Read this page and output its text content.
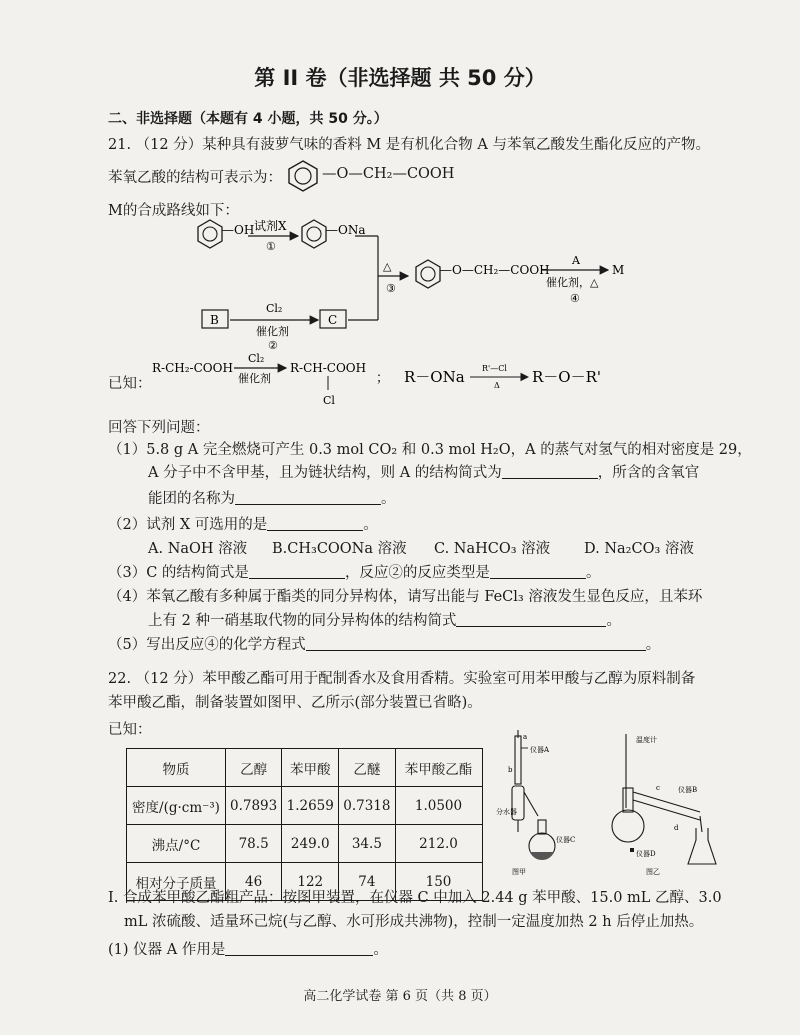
第 II 卷（非选择题 共 50 分）
二、非选择题（本题有 4 小题，共 50 分。）
21. （12 分）某种具有菠萝气味的香料 M 是有机化合物 A 与苯氧乙酸发生酯化反应的产物。
苯氧乙酸的结构可表示为：	—O—CH₂—COOH
M的合成路线如下：
—OH 试剂X
①
—ONa
△
③
B
Cl₂
催化剂
②
C
—O—CH₂—COOH
A
催化剂，△
④
M
已知：
R-CH₂-COOH
Cl₂
催化剂
R-CH-COOH
Cl
； R－ONa R'—Cl
Δ R－O－R'
回答下列问题：
（1）5.8 g A 完全燃烧可产生 0.3 mol CO₂ 和 0.3 mol H₂O，A 的蒸气对氢气的相对密度是 29，
A 分子中不含甲基，且为链状结构，则 A 的结构简式为	，所含的含氧官
能团的名称为	。
（2）试剂 X 可选用的是	。
A. NaOH 溶液 B.CH₃COONa 溶液 C. NaHCO₃ 溶液 D. Na₂CO₃ 溶液
（3）C 的结构简式是	，反应②的反应类型是	。
（4）苯氧乙酸有多种属于酯类的同分异构体，请写出能与 FeCl₃ 溶液发生显色反应，且苯环
上有 2 种一硝基取代物的同分异构体的结构简式	。
（5）写出反应④的化学方程式	。
22. （12 分）苯甲酸乙酯可用于配制香水及食用香精。实验室可用苯甲酸与乙醇为原料制备
苯甲酸乙酯，制备装置如图甲、乙所示(部分装置已省略)。
已知：
物质	乙醇	苯甲酸	乙醚	苯甲酸乙酯
密度/(g·cm⁻³)	0.7893	1.2659	0.7318	1.0500
沸点/°C	78.5	249.0	34.5	212.0
相对分子质量	46	122	74	150
a
b
仪器A
分水器
仪器C
图甲
温度计
c
d
仪器B
仪器D
图乙
I. 合成苯甲酸乙酯粗产品：按图甲装置，在仪器 C 中加入 2.44 g 苯甲酸、15.0 mL 乙醇、3.0
mL 浓硫酸、适量环己烷(与乙醇、水可形成共沸物)，控制一定温度加热 2 h 后停止加热。
(1) 仪器 A 作用是	。
高二化学试卷 第 6 页（共 8 页）
